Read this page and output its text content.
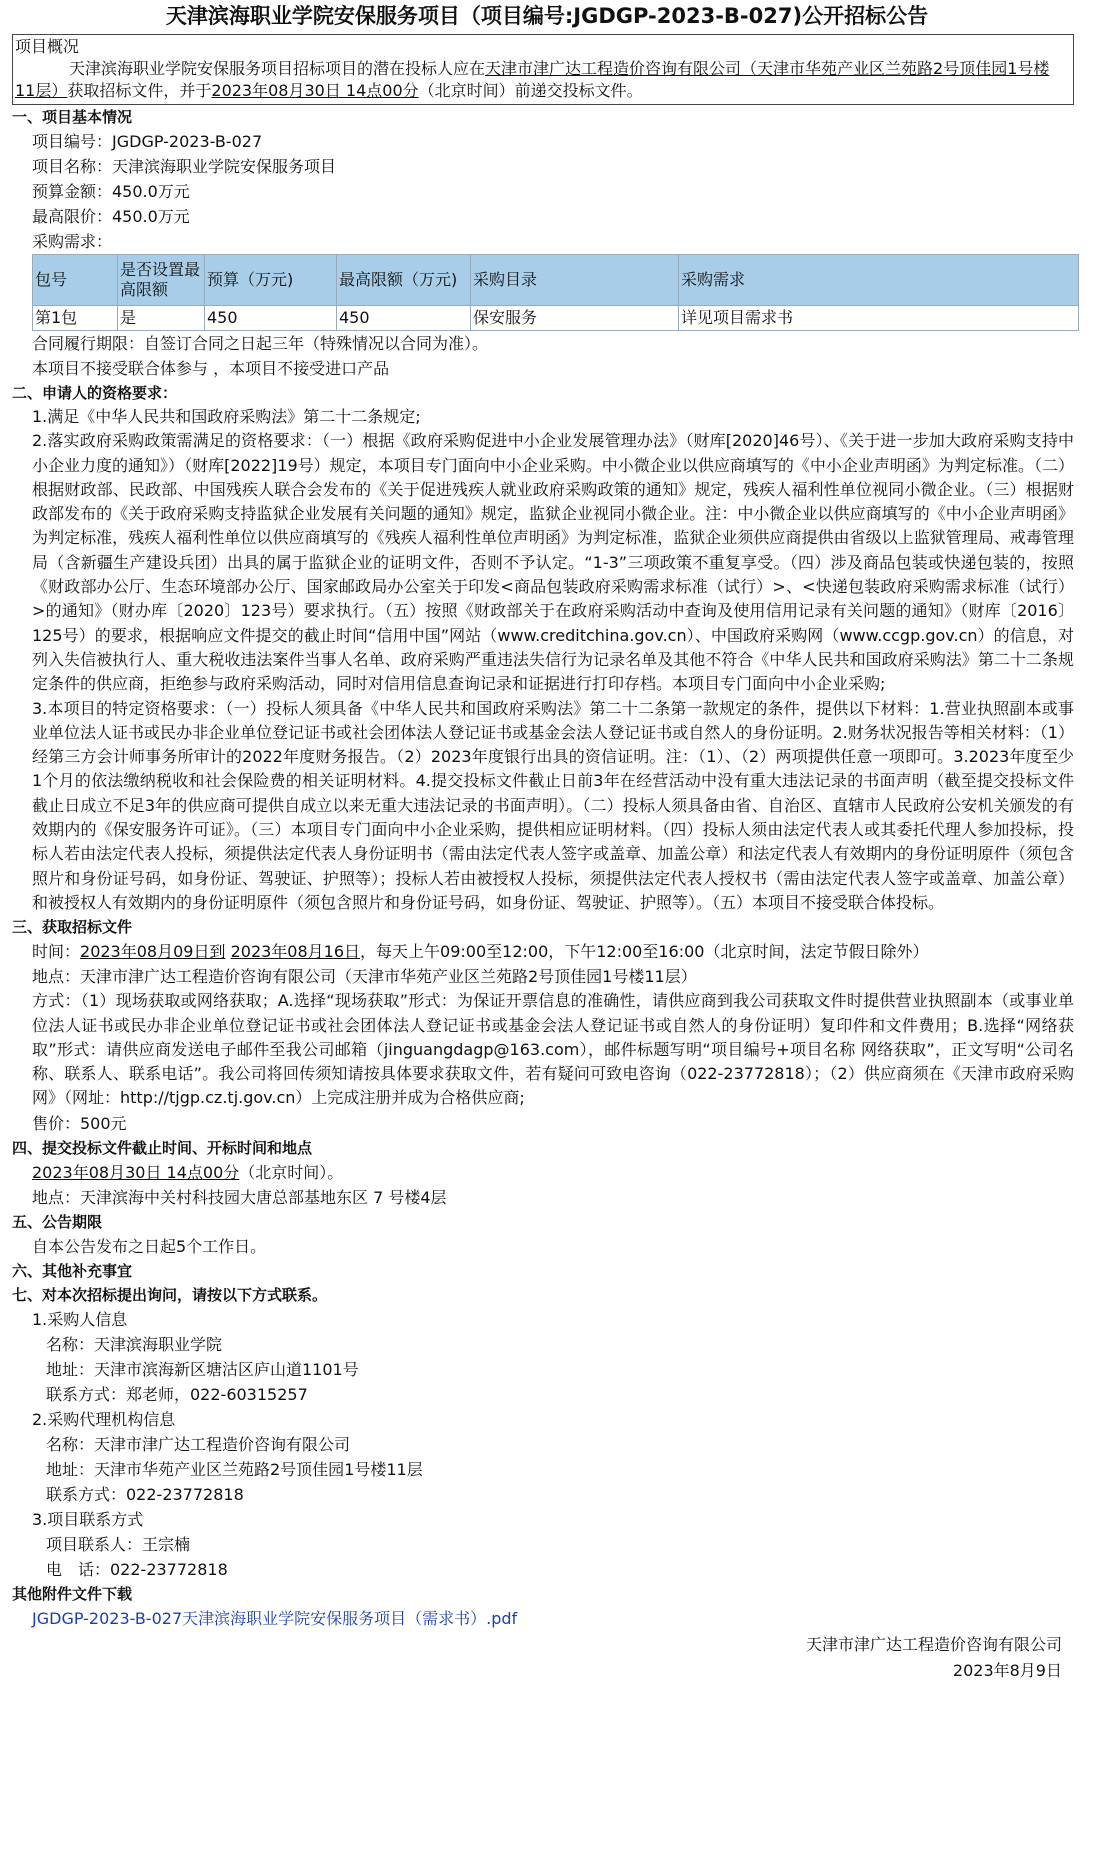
天津滨海职业学院安保服务项目（项目编号:JGDGP-2023-B-027)公开招标公告
项目概况
天津滨海职业学院安保服务项目招标项目的潜在投标人应在天津市津广达工程造价咨询有限公司（天津市华苑产业区兰苑路2号顶佳园1号楼11层）获取招标文件，并于2023年08月30日 14点00分（北京时间）前递交投标文件。
一、项目基本情况
项目编号：JGDGP-2023-B-027
项目名称：天津滨海职业学院安保服务项目
预算金额：450.0万元
最高限价：450.0万元
采购需求：
包号	是否设置最高限额	预算（万元)	最高限额（万元)	采购目录	采购需求
第1包	是	450	450	保安服务	详见项目需求书
合同履行期限：自签订合同之日起三年（特殊情况以合同为准）。
本项目不接受联合体参与 ，本项目不接受进口产品
二、申请人的资格要求：
1.满足《中华人民共和国政府采购法》第二十二条规定;
2.落实政府采购政策需满足的资格要求：（一）根据《政府采购促进中小企业发展管理办法》（财库[2020]46号）、《关于进一步加大政府采购支持中小企业力度的通知》）（财库[2022]19号）规定，本项目专门面向中小企业采购。中小微企业以供应商填写的《中小企业声明函》为判定标准。（二）根据财政部、民政部、中国残疾人联合会发布的《关于促进残疾人就业政府采购政策的通知》规定，残疾人福利性单位视同小微企业。（三）根据财政部发布的《关于政府采购支持监狱企业发展有关问题的通知》规定，监狱企业视同小微企业。注：中小微企业以供应商填写的《中小企业声明函》为判定标准，残疾人福利性单位以供应商填写的《残疾人福利性单位声明函》为判定标准，监狱企业须供应商提供由省级以上监狱管理局、戒毒管理局（含新疆生产建设兵团）出具的属于监狱企业的证明文件，否则不予认定。“1-3”三项政策不重复享受。（四）涉及商品包装或快递包装的，按照《财政部办公厅、生态环境部办公厅、国家邮政局办公室关于印发<商品包装政府采购需求标准（试行）>、<快递包装政府采购需求标准（试行）>的通知》（财办库〔2020〕123号）要求执行。（五）按照《财政部关于在政府采购活动中查询及使用信用记录有关问题的通知》（财库〔2016〕125号）的要求，根据响应文件提交的截止时间“信用中国”网站（www.creditchina.gov.cn）、中国政府采购网（www.ccgp.gov.cn）的信息，对列入失信被执行人、重大税收违法案件当事人名单、政府采购严重违法失信行为记录名单及其他不符合《中华人民共和国政府采购法》第二十二条规定条件的供应商，拒绝参与政府采购活动，同时对信用信息查询记录和证据进行打印存档。本项目专门面向中小企业采购;
3.本项目的特定资格要求：（一）投标人须具备《中华人民共和国政府采购法》第二十二条第一款规定的条件，提供以下材料：1.营业执照副本或事业单位法人证书或民办非企业单位登记证书或社会团体法人登记证书或基金会法人登记证书或自然人的身份证明。2.财务状况报告等相关材料：（1）经第三方会计师事务所审计的2022年度财务报告。（2）2023年度银行出具的资信证明。注：（1）、（2）两项提供任意一项即可。3.2023年度至少1个月的依法缴纳税收和社会保险费的相关证明材料。4.提交投标文件截止日前3年在经营活动中没有重大违法记录的书面声明（截至提交投标文件截止日成立不足3年的供应商可提供自成立以来无重大违法记录的书面声明）。（二）投标人须具备由省、自治区、直辖市人民政府公安机关颁发的有效期内的《保安服务许可证》。（三）本项目专门面向中小企业采购，提供相应证明材料。（四）投标人须由法定代表人或其委托代理人参加投标，投标人若由法定代表人投标，须提供法定代表人身份证明书（需由法定代表人签字或盖章、加盖公章）和法定代表人有效期内的身份证明原件（须包含照片和身份证号码，如身份证、驾驶证、护照等）；投标人若由被授权人投标，须提供法定代表人授权书（需由法定代表人签字或盖章、加盖公章）和被授权人有效期内的身份证明原件（须包含照片和身份证号码，如身份证、驾驶证、护照等）。（五）本项目不接受联合体投标。
三、获取招标文件
时间：2023年08月09日到 2023年08月16日，每天上午09:00至12:00，下午12:00至16:00（北京时间，法定节假日除外）
地点：天津市津广达工程造价咨询有限公司（天津市华苑产业区兰苑路2号顶佳园1号楼11层）
方式：（1）现场获取或网络获取；A.选择“现场获取”形式：为保证开票信息的准确性，请供应商到我公司获取文件时提供营业执照副本（或事业单位法人证书或民办非企业单位登记证书或社会团体法人登记证书或基金会法人登记证书或自然人的身份证明）复印件和文件费用；B.选择“网络获取”形式：请供应商发送电子邮件至我公司邮箱（jinguangdagp@163.com），邮件标题写明“项目编号+项目名称 网络获取”，正文写明“公司名称、联系人、联系电话”。我公司将回传须知请按具体要求获取文件，若有疑问可致电咨询（022-23772818）；（2）供应商须在《天津市政府采购网》（网址：http://tjgp.cz.tj.gov.cn）上完成注册并成为合格供应商;
售价：500元
四、提交投标文件截止时间、开标时间和地点
2023年08月30日 14点00分（北京时间）。
地点：天津滨海中关村科技园大唐总部基地东区 7 号楼4层
五、公告期限
自本公告发布之日起5个工作日。
六、其他补充事宜
七、对本次招标提出询问，请按以下方式联系。
1.采购人信息
名称：天津滨海职业学院
地址：天津市滨海新区塘沽区庐山道1101号
联系方式：郑老师，022-60315257
2.采购代理机构信息
名称：天津市津广达工程造价咨询有限公司
地址：天津市华苑产业区兰苑路2号顶佳园1号楼11层
联系方式：022-23772818
3.项目联系方式
项目联系人：王宗楠
电　话：022-23772818
其他附件文件下载
JGDGP-2023-B-027天津滨海职业学院安保服务项目（需求书）.pdf
天津市津广达工程造价咨询有限公司
2023年8月9日
